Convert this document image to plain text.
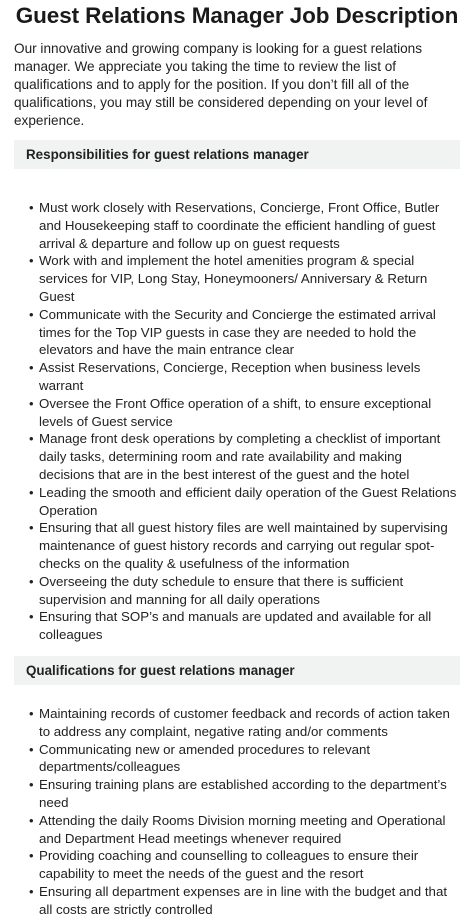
Guest Relations Manager Job Description

Our innovative and growing company is looking for a guest relations manager. We appreciate you taking the time to review the list of qualifications and to apply for the position. If you don’t fill all of the qualifications, you may still be considered depending on your level of experience.

Responsibilities for guest relations manager
• Must work closely with Reservations, Concierge, Front Office, Butler and Housekeeping staff to coordinate the efficient handling of guest arrival & departure and follow up on guest requests
• Work with and implement the hotel amenities program & special services for VIP, Long Stay, Honeymooners/ Anniversary & Return Guest
• Communicate with the Security and Concierge the estimated arrival times for the Top VIP guests in case they are needed to hold the elevators and have the main entrance clear
• Assist Reservations, Concierge, Reception when business levels warrant
• Oversee the Front Office operation of a shift, to ensure exceptional levels of Guest service
• Manage front desk operations by completing a checklist of important daily tasks, determining room and rate availability and making decisions that are in the best interest of the guest and the hotel
• Leading the smooth and efficient daily operation of the Guest Relations Operation
• Ensuring that all guest history files are well maintained by supervising maintenance of guest history records and carrying out regular spot-checks on the quality & usefulness of the information
• Overseeing the duty schedule to ensure that there is sufficient supervision and manning for all daily operations
• Ensuring that SOP’s and manuals are updated and available for all colleagues
Qualifications for guest relations manager
• Maintaining records of customer feedback and records of action taken to address any complaint, negative rating and/or comments
• Communicating new or amended procedures to relevant departments/colleagues
• Ensuring training plans are established according to the department’s need
• Attending the daily Rooms Division morning meeting and Operational and Department Head meetings whenever required
• Providing coaching and counselling to colleagues to ensure their capability to meet the needs of the guest and the resort
• Ensuring all department expenses are in line with the budget and that all costs are strictly controlled
